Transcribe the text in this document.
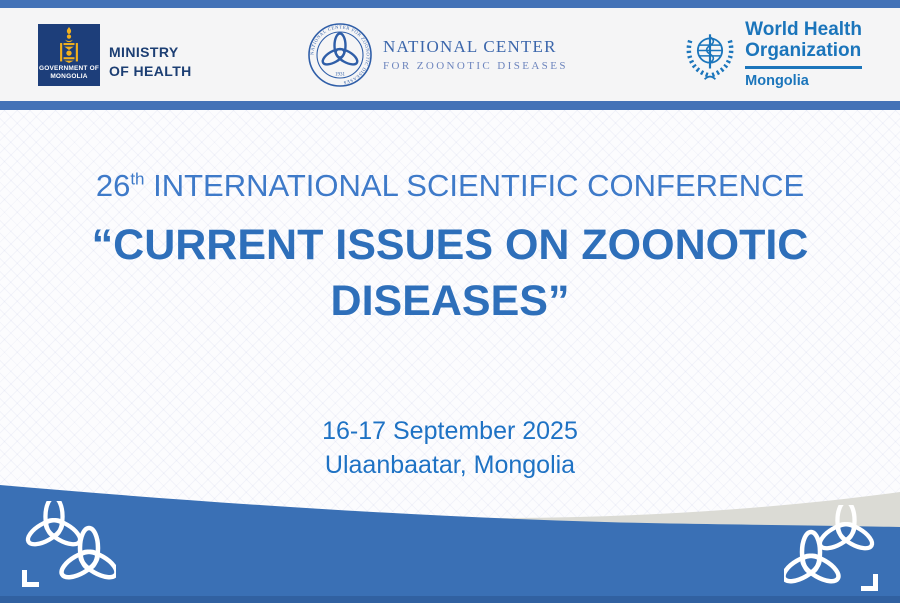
GOVERNMENT OF
MONGOLIA
MINISTRY
OF HEALTH
NATIONAL CENTER FOR ZOONOTIC DISEASES
1931
NATIONAL CENTER
FOR ZOONOTIC DISEASES
World Health
Organization
Mongolia
26th INTERNATIONAL SCIENTIFIC CONFERENCE
“CURRENT ISSUES ON ZOONOTIC
DISEASES”
16-17 September 2025
Ulaanbaatar, Mongolia
